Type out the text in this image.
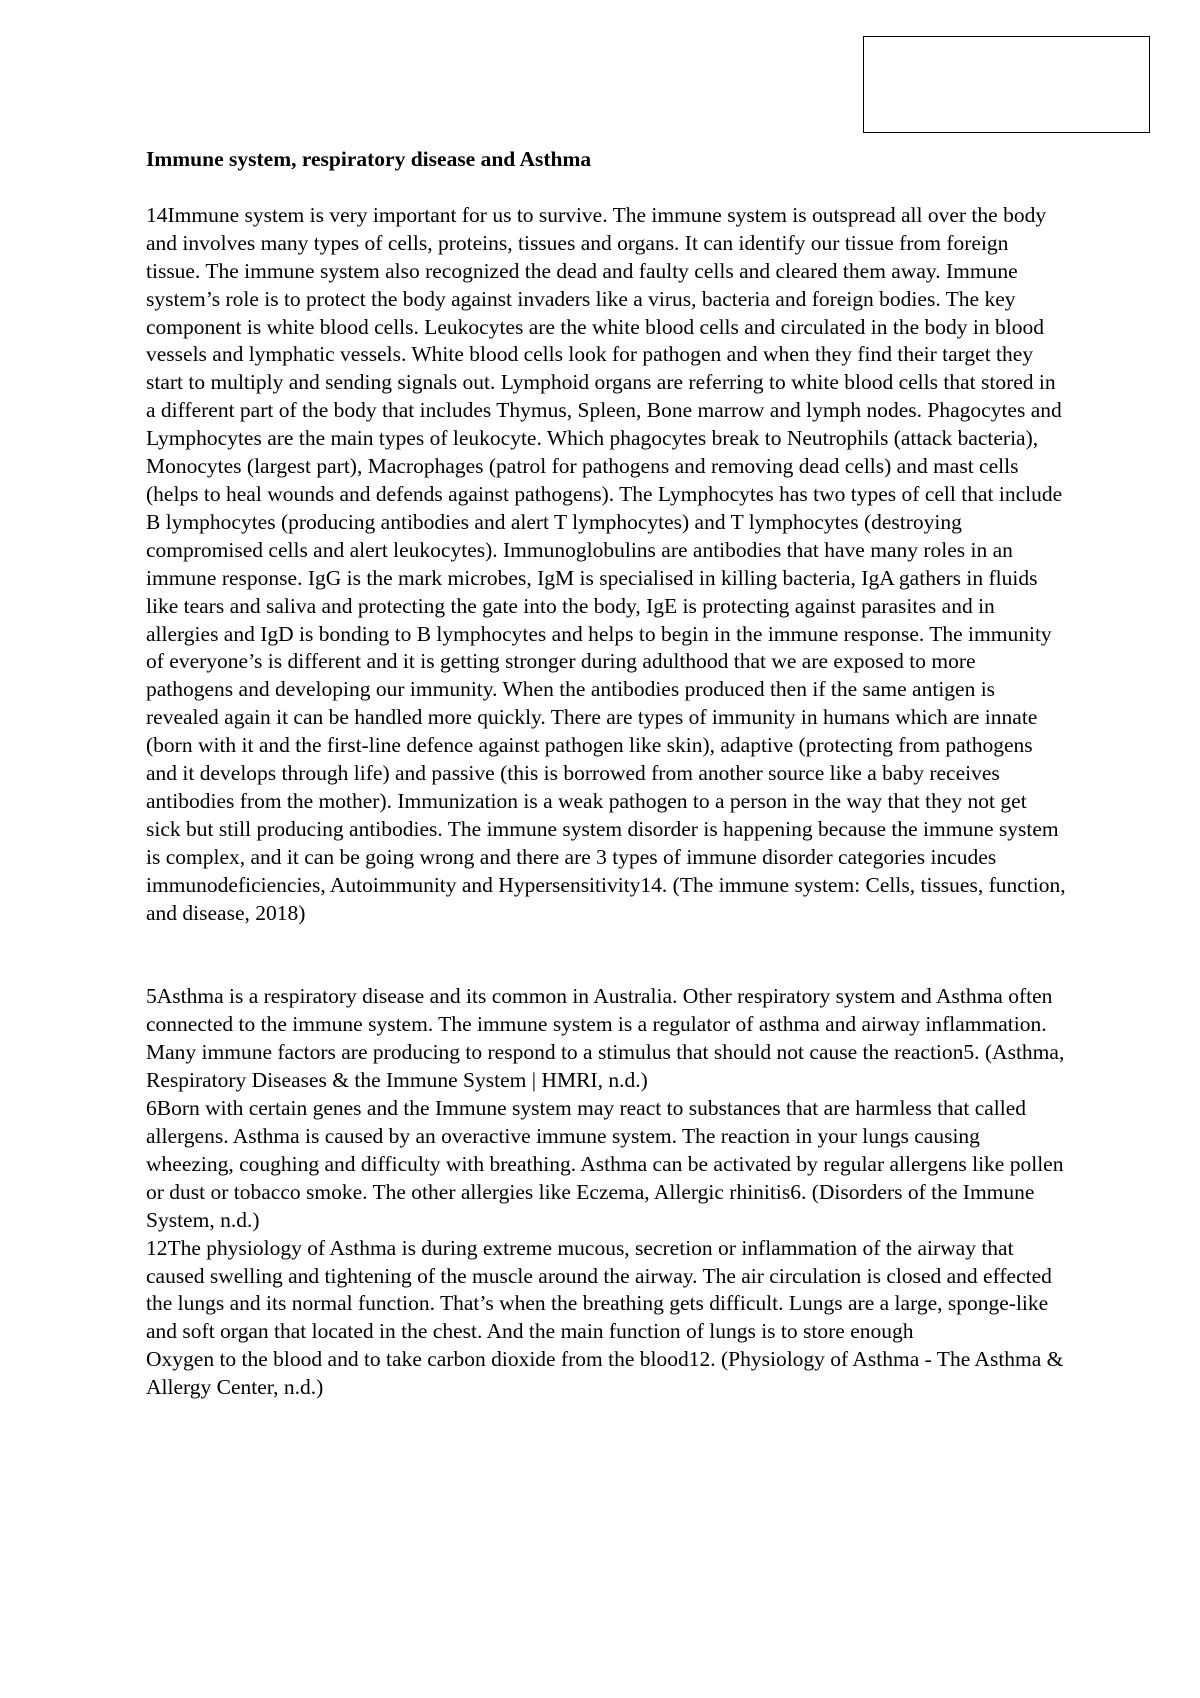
Immune system, respiratory disease and Asthma

14Immune system is very important for us to survive. The immune system is outspread all over the body and involves many types of cells, proteins, tissues and organs. It can identify our tissue from foreign tissue. The immune system also recognized the dead and faulty cells and cleared them away. Immune system’s role is to protect the body against invaders like a virus, bacteria and foreign bodies. The key component is white blood cells. Leukocytes are the white blood cells and circulated in the body in blood vessels and lymphatic vessels. White blood cells look for pathogen and when they find their target they start to multiply and sending signals out. Lymphoid organs are referring to white blood cells that stored in a different part of the body that includes Thymus, Spleen, Bone marrow and lymph nodes. Phagocytes and Lymphocytes are the main types of leukocyte. Which phagocytes break to Neutrophils (attack bacteria), Monocytes (largest part), Macrophages (patrol for pathogens and removing dead cells) and mast cells (helps to heal wounds and defends against pathogens). The Lymphocytes has two types of cell that include B lymphocytes (producing antibodies and alert T lymphocytes) and T lymphocytes (destroying compromised cells and alert leukocytes). Immunoglobulins are antibodies that have many roles in an immune response. IgG is the mark microbes, IgM is specialised in killing bacteria, IgA gathers in fluids like tears and saliva and protecting the gate into the body, IgE is protecting against parasites and in allergies and IgD is bonding to B lymphocytes and helps to begin in the immune response. The immunity of everyone’s is different and it is getting stronger during adulthood that we are exposed to more pathogens and developing our immunity. When the antibodies produced then if the same antigen is revealed again it can be handled more quickly. There are types of immunity in humans which are innate (born with it and the first-line defence against pathogen like skin), adaptive (protecting from pathogens and it develops through life) and passive (this is borrowed from another source like a baby receives antibodies from the mother). Immunization is a weak pathogen to a person in the way that they not get sick but still producing antibodies. The immune system disorder is happening because the immune system is complex, and it can be going wrong and there are 3 types of immune disorder categories incudes immunodeficiencies, Autoimmunity and Hypersensitivity14. (The immune system: Cells, tissues, function, and disease, 2018)

5Asthma is a respiratory disease and its common in Australia. Other respiratory system and Asthma often connected to the immune system. The immune system is a regulator of asthma and airway inflammation. Many immune factors are producing to respond to a stimulus that should not cause the reaction5. (Asthma, Respiratory Diseases & the Immune System | HMRI, n.d.)

6Born with certain genes and the Immune system may react to substances that are harmless that called allergens. Asthma is caused by an overactive immune system. The reaction in your lungs causing wheezing, coughing and difficulty with breathing. Asthma can be activated by regular allergens like pollen or dust or tobacco smoke. The other allergies like Eczema, Allergic rhinitis6. (Disorders of the Immune System, n.d.)

12The physiology of Asthma is during extreme mucous, secretion or inflammation of the airway that caused swelling and tightening of the muscle around the airway. The air circulation is closed and effected the lungs and its normal function. That’s when the breathing gets difficult. Lungs are a large, sponge-like and soft organ that located in the chest. And the main function of lungs is to store enough

Oxygen to the blood and to take carbon dioxide from the blood12. (Physiology of Asthma - The Asthma & Allergy Center, n.d.)
